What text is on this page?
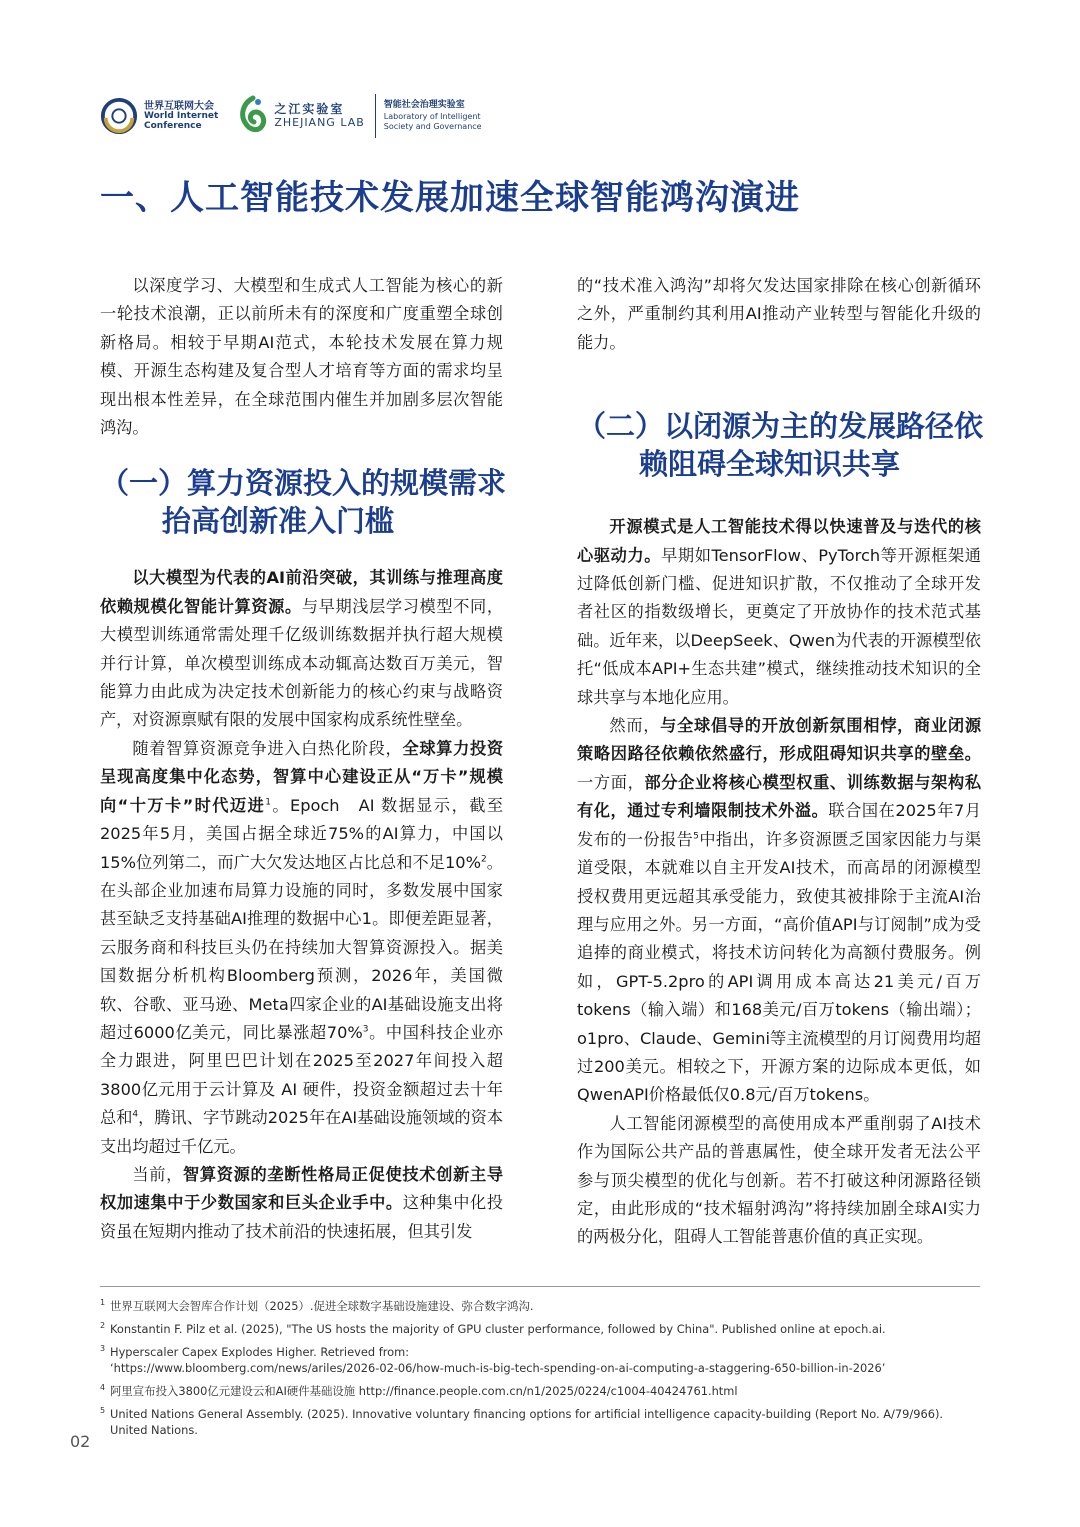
世界互联网大会
World Internet
Conference
之江实验室
ZHEJIANG LAB
智能社会治理实验室
Laboratory of Intelligent
Society and Governance
一、人工智能技术发展加速全球智能鸿沟演进

以深度学习、大模型和生成式人工智能为核心的新一轮技术浪潮，正以前所未有的深度和广度重塑全球创新格局。相较于早期AI范式，本轮技术发展在算力规模、开源生态构建及复合型人才培育等方面的需求均呈现出根本性差异，在全球范围内催生并加剧多层次智能鸿沟。

（一）算力资源投入的规模需求
抬高创新准入门槛

以大模型为代表的AI前沿突破，其训练与推理高度依赖规模化智能计算资源。与早期浅层学习模型不同，大模型训练通常需处理千亿级训练数据并执行超大规模并行计算，单次模型训练成本动辄高达数百万美元，智能算力由此成为决定技术创新能力的核心约束与战略资产，对资源禀赋有限的发展中国家构成系统性壁垒。

随着智算资源竞争进入白热化阶段，全球算力投资呈现高度集中化态势，智算中心建设正从“万卡”规模向“十万卡”时代迈进$^1$。Epoch　AI 数据显示，截至2025年5月，美国占据全球近75%的AI算力，中国以15%位列第二，而广大欠发达地区占比总和不足10%$^2$。在头部企业加速布局算力设施的同时，多数发展中国家甚至缺乏支持基础AI推理的数据中心1。即便差距显著，云服务商和科技巨头仍在持续加大智算资源投入。据美国数据分析机构Bloomberg预测，2026年，美国微软、谷歌、亚马逊、Meta四家企业的AI基础设施支出将超过6000亿美元，同比暴涨超70%$^3$。中国科技企业亦全力跟进，阿里巴巴计划在2025至2027年间投入超3800亿元用于云计算及 AI 硬件，投资金额超过去十年总和$^4$，腾讯、字节跳动2025年在AI基础设施领域的资本支出均超过千亿元。

当前，智算资源的垄断性格局正促使技术创新主导权加速集中于少数国家和巨头企业手中。这种集中化投资虽在短期内推动了技术前沿的快速拓展，但其引发

的“技术准入鸿沟”却将欠发达国家排除在核心创新循环之外，严重制约其利用AI推动产业转型与智能化升级的能力。

（二）以闭源为主的发展路径依
赖阻碍全球知识共享

开源模式是人工智能技术得以快速普及与迭代的核心驱动力。早期如TensorFlow、PyTorch等开源框架通过降低创新门槛、促进知识扩散，不仅推动了全球开发者社区的指数级增长，更奠定了开放协作的技术范式基础。近年来，以DeepSeek、Qwen为代表的开源模型依托“低成本API+生态共建”模式，继续推动技术知识的全球共享与本地化应用。

然而，与全球倡导的开放创新氛围相悖，商业闭源策略因路径依赖依然盛行，形成阻碍知识共享的壁垒。一方面，部分企业将核心模型权重、训练数据与架构私有化，通过专利墙限制技术外溢。联合国在2025年7月发布的一份报告$^5$中指出，许多资源匮乏国家因能力与渠道受限，本就难以自主开发AI技术，而高昂的闭源模型授权费用更远超其承受能力，致使其被排除于主流AI治理与应用之外。另一方面，“高价值API与订阅制”成为受追捧的商业模式，将技术访问转化为高额付费服务。例如，GPT-5.2pro的API调用成本高达21美元/百万tokens（输入端）和168美元/百万tokens（输出端）；o1pro、Claude、Gemini等主流模型的月订阅费用均超过200美元。相较之下，开源方案的边际成本更低，如QwenAPI价格最低仅0.8元/百万tokens。

人工智能闭源模型的高使用成本严重削弱了AI技术作为国际公共产品的普惠属性，使全球开发者无法公平参与顶尖模型的优化与创新。若不打破这种闭源路径锁定，由此形成的“技术辐射鸿沟”将持续加剧全球AI实力的两极分化，阻碍人工智能普惠价值的真正实现。

1 世界互联网大会智库合作计划（2025）.促进全球数字基础设施建设、弥合数字鸿沟.
2 Konstantin F. Pilz et al. (2025), "The US hosts the majority of GPU cluster performance, followed by China". Published online at epoch.ai.
3 Hyperscaler Capex Explodes Higher. Retrieved from:
‘https://www.bloomberg.com/news/ariles/2026-02-06/how-much-is-big-tech-spending-on-ai-computing-a-staggering-650-billion-in-2026’
4 阿里宣布投入3800亿元建设云和AI硬件基础设施 http://finance.people.com.cn/n1/2025/0224/c1004-40424761.html
5 United Nations General Assembly. (2025). Innovative voluntary financing options for artificial intelligence capacity-building (Report No. A/79/966).
United Nations.
02
